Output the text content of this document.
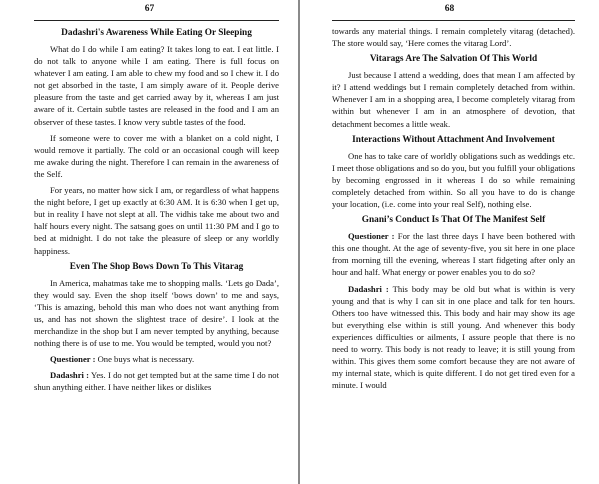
67
Dadashri's Awareness While Eating Or Sleeping

What do I do while I am eating? It takes long to eat. I eat little. I do not talk to anyone while I am eating. There is full focus on whatever I am eating. I am able to chew my food and so I chew it. I do not get absorbed in the taste, I am simply aware of it. People derive pleasure from the taste and get carried away by it, whereas I am just aware of it. Certain subtle tastes are released in the food and I am an observer of these tastes. I know very subtle tastes of the food.

If someone were to cover me with a blanket on a cold night, I would remove it partially. The cold or an occasional cough will keep me awake during the night. Therefore I can remain in the awareness of the Self.

For years, no matter how sick I am, or regardless of what happens the night before, I get up exactly at 6:30 AM. It is 6:30 when I get up, but in reality I have not slept at all. The vidhis take me about two and half hours every night. The satsang goes on until 11:30 PM and I go to bed at midnight. I do not take the pleasure of sleep or any worldly happiness.

Even The Shop Bows Down To This Vitarag

In America, mahatmas take me to shopping malls. ‘Lets go Dada’, they would say. Even the shop itself ‘bows down’ to me and says, ‘This is amazing, behold this man who does not want anything from us, and has not shown the slightest trace of desire’. I look at the merchandize in the shop but I am never tempted by anything, because nothing there is of use to me. You would be tempted, would you not?

Questioner : One buys what is necessary.

Dadashri : Yes. I do not get tempted but at the same time I do not shun anything either. I have neither likes or dislikes

68

towards any material things. I remain completely vitarag (detached). The store would say, ‘Here comes the vitarag Lord’.

Vitarags Are The Salvation Of This World

Just because I attend a wedding, does that mean I am affected by it? I attend weddings but I remain completely detached from within. Whenever I am in a shopping area, I become completely vitarag from within but whenever I am in an atmosphere of devotion, that detachment becomes a little weak.

Interactions Without Attachment And Involvement

One has to take care of worldly obligations such as weddings etc. I meet those obligations and so do you, but you fulfill your obligations by becoming engrossed in it whereas I do so while remaining completely detached from within. So all you have to do is change your location, (i.e. come into your real Self), nothing else.

Gnani’s Conduct Is That Of The Manifest Self

Questioner : For the last three days I have been bothered with this one thought. At the age of seventy-five, you sit here in one place from morning till the evening, whereas I start fidgeting after only an hour and half. What energy or power enables you to do so?

Dadashri : This body may be old but what is within is very young and that is why I can sit in one place and talk for ten hours. Others too have witnessed this. This body and hair may show its age but everything else within is still young. And whenever this body experiences difficulties or ailments, I assure people that there is no need to worry. This body is not ready to leave; it is still young from within. This gives them some comfort because they are not aware of my internal state, which is quite different. I do not get tired even for a minute. I would
